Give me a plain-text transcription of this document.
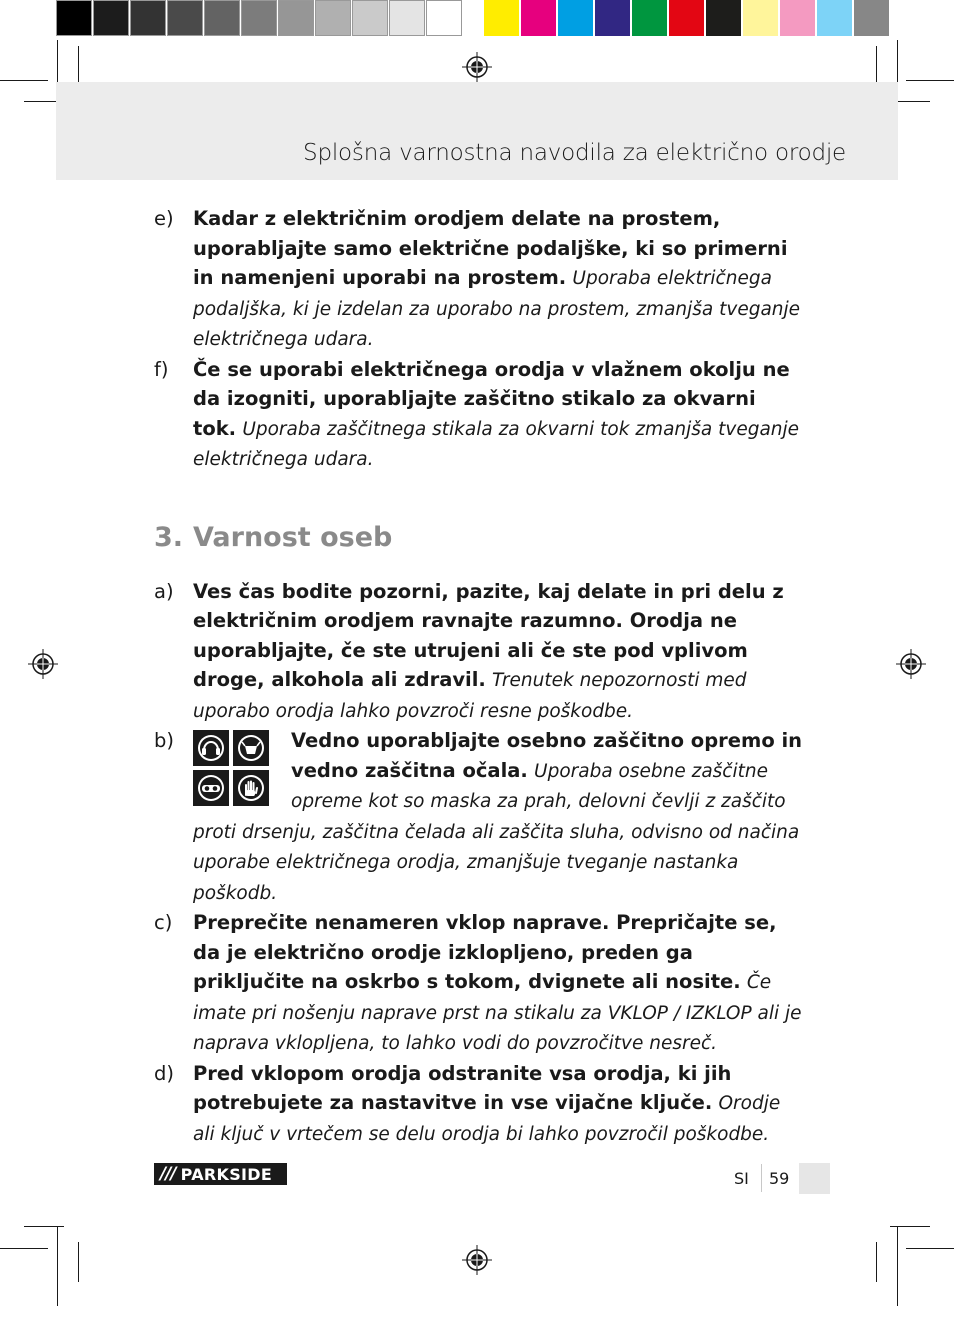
Splošna varnostna navodila za električno orodje
e) Kadar z električnim orodjem delate na prostem, uporabljajte samo električne podaljške, ki so primerni in namenjeni uporabi na prostem. Uporaba električnega podaljška, ki je izdelan za uporabo na prostem, zmanjša tveganje električnega udara.
f) Če se uporabi električnega orodja v vlažnem okolju ne da izogniti, uporabljajte zaščitno stikalo za okvarni tok. Uporaba zaščitnega stikala za okvarni tok zmanjša tveganje električnega udara.
3. Varnost oseb
a) Ves čas bodite pozorni, pazite, kaj delate in pri delu z električnim orodjem ravnajte razumno. Orodja ne uporabljajte, če ste utrujeni ali če ste pod vplivom droge, alkohola ali zdravil. Trenutek nepozornosti med uporabo orodja lahko povzroči resne poškodbe.
b)	Vedno uporabljajte osebno zaščitno opremo in vedno zaščitna očala. Uporaba osebne zaščitne opreme kot so maska za prah, delovni čevlji z zaščito proti drsenju, zaščitna čelada ali zaščita sluha, odvisno od načina uporabe električnega orodja, zmanjšuje tveganje nastanka poškodb.
c) Preprečite nenameren vklop naprave. Prepričajte se, da je električno orodje izklopljeno, preden ga priključite na oskrbo s tokom, dvignete ali nosite. Če imate pri nošenju naprave prst na stikalu za VKLOP / IZKLOP ali je naprava vklopljena, to lahko vodi do povzročitve nesreč.
d) Pred vklopom orodja odstranite vsa orodja, ki jih potrebujete za nastavitve in vse vijačne ključe. Orodje ali ključ v vrtečem se delu orodja bi lahko povzročil poškodbe.
/// PARKSIDE	SI 59
